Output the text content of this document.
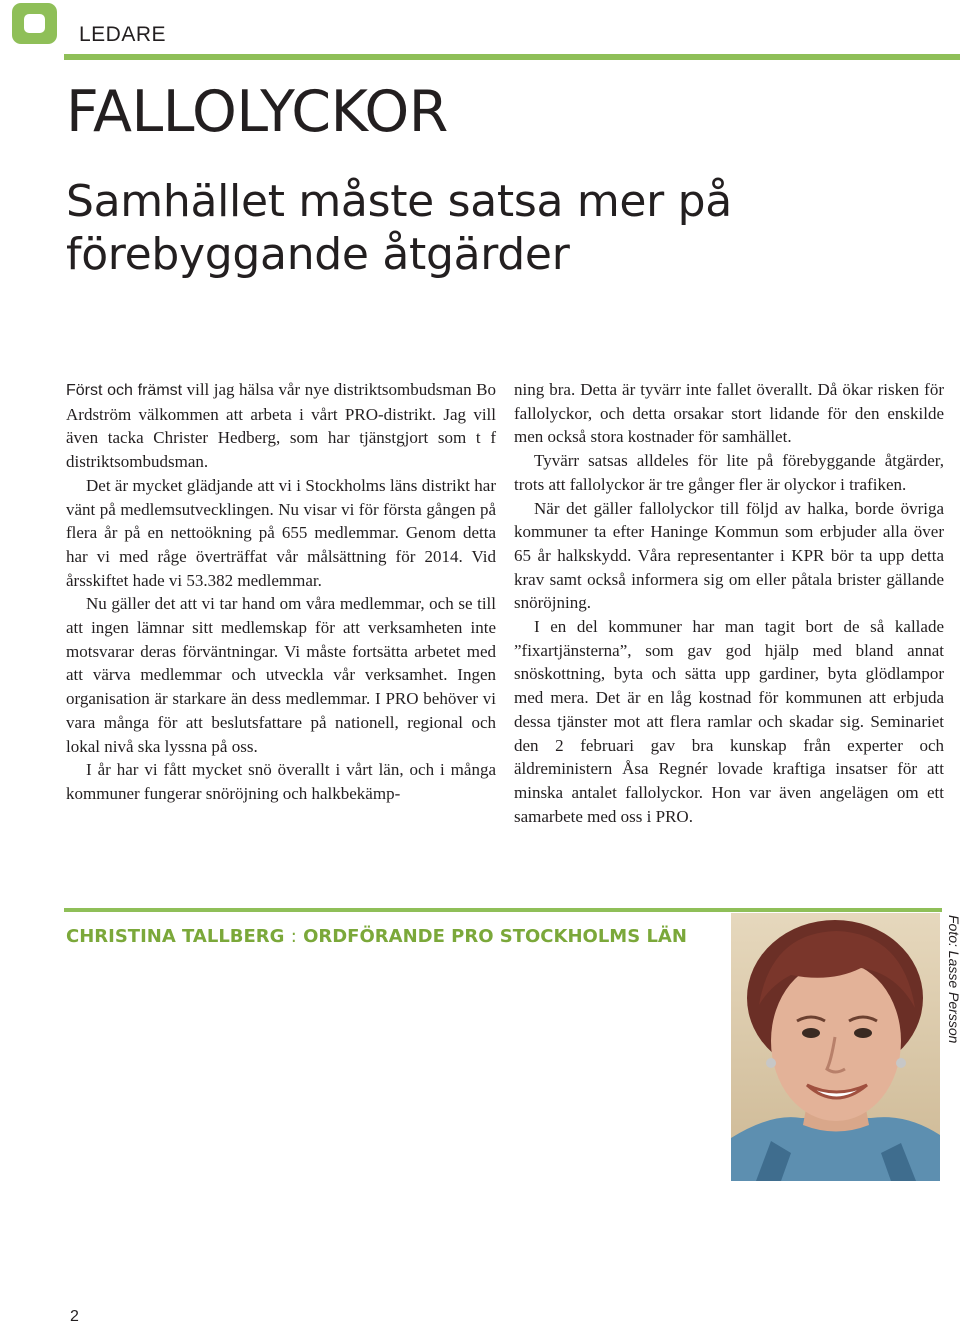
LEDARE
FALLOLYCKOR
Samhället måste satsa mer på förebyggande åtgärder

Först och främst vill jag hälsa vår nye distriktsombudsman Bo Ardström välkommen att arbeta i vårt PRO-distrikt. Jag vill även tacka Christer Hedberg, som har tjänstgjort som t f distriktsombudsman.

Det är mycket glädjande att vi i Stockholms läns distrikt har vänt på medlemsutvecklingen. Nu visar vi för första gången på flera år på en nettoökning på 655 medlemmar. Genom detta har vi med råge överträffat vår målsättning för 2014. Vid årsskiftet hade vi 53.382 medlemmar.

Nu gäller det att vi tar hand om våra medlemmar, och se till att ingen lämnar sitt medlemskap för att verksamheten inte motsvarar deras förväntningar. Vi måste fortsätta arbetet med att värva medlemmar och utveckla vår verksamhet. Ingen organisation är starkare än dess medlemmar. I PRO behöver vi vara många för att beslutsfattare på nationell, regional och lokal nivå ska lyssna på oss.

I år har vi fått mycket snö överallt i vårt län, och i många kommuner fungerar snöröjning och halkbekämp-

ning bra. Detta är tyvärr inte fallet överallt. Då ökar risken för fallolyckor, och detta orsakar stort lidande för den enskilde men också stora kostnader för samhället.

Tyvärr satsas alldeles för lite på förebyggande åtgärder, trots att fallolyckor är tre gånger fler är olyckor i trafiken.

När det gäller fallolyckor till följd av halka, borde övriga kommuner ta efter Haninge Kommun som erbjuder alla över 65 år halkskydd. Våra representanter i KPR bör ta upp detta krav samt också informera sig om eller påtala brister gällande snöröjning.

I en del kommuner har man tagit bort de så kallade ”fixartjänsterna”, som gav god hjälp med bland annat snöskottning, byta och sätta upp gardiner, byta glödlampor med mera. Det är en låg kostnad för kommunen att erbjuda dessa tjänster mot att flera ramlar och skadar sig. Seminariet den 2 februari gav bra kunskap från experter och äldreministern Åsa Regnér lovade kraftiga insatser för att minska antalet fallolyckor. Hon var även angelägen om ett samarbete med oss i PRO.

CHRISTINA TALLBERG : ORDFÖRANDE PRO STOCKHOLMS LÄN	Foto: Lasse Persson
2
